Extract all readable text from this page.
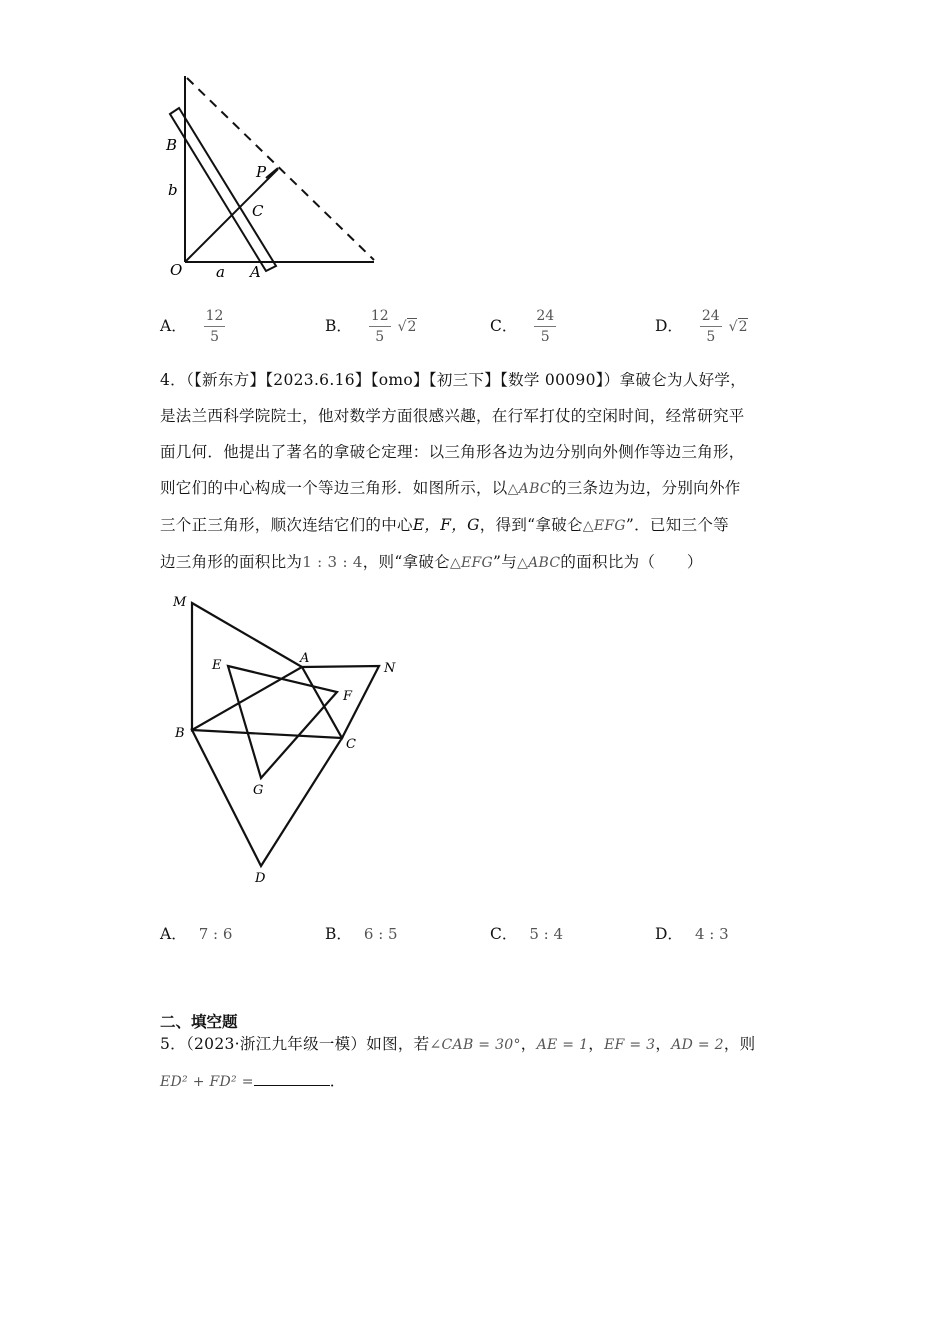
B
b
P
C
O a A
A． $\frac{12}{5}$	B． $\frac{12}{5} √2$	C． $\frac{24}{5}$	D． $\frac{24}{5} √2$
4．（【新东方】【2023.6.16】【omo】【初三下】【数学 00090】）拿破仑为人好学，
是法兰西科学院院士，他对数学方面很感兴趣，在行军打仗的空闲时间，经常研究平
面几何．他提出了著名的拿破仑定理：以三角形各边为边分别向外侧作等边三角形，
则它们的中心构成一个等边三角形．如图所示，以△ABC的三条边为边，分别向外作
三个正三角形，顺次连结它们的中心E，F，G，得到“拿破仑△EFG”．已知三个等
边三角形的面积比为1 : 3 : 4，则“拿破仑△EFG”与△ABC的面积比为（　　）
M
A
N
E
F
B
C
G
D
A． 7 : 6	B． 6 : 5	C． 5 : 4	D． 4 : 3
二、填空题
5．（2023·浙江九年级一模）如图，若∠CAB = 30°，AE = 1，EF = 3，AD = 2，则
ED² + FD² =	．
